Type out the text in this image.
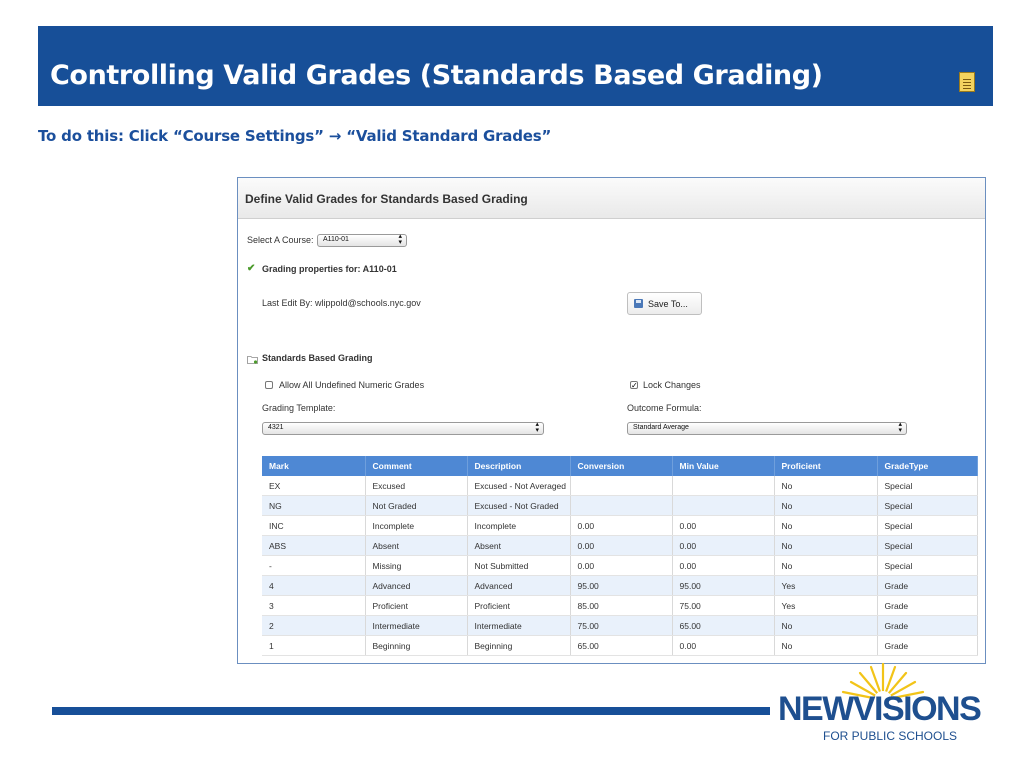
Controlling Valid Grades (Standards Based Grading)
To do this: Click “Course Settings” → “Valid Standard Grades”
Define Valid Grades for Standards Based Grading
Select A Course: A110-01	▴
▾
✔ Grading properties for: A110-01
Last Edit By: wlippold@schools.nyc.gov	Save To...
Standards Based Grading
Allow All Undefined Numeric Grades	✓ Lock Changes
Grading Template:	Outcome Formula:
4321	▴
▾	Standard Average	▴
▾
Mark	Comment	Description	Conversion	Min Value	Proficient	GradeType
EX	Excused	Excused - Not Averaged			No	Special
NG	Not Graded	Excused - Not Graded			No	Special
INC	Incomplete	Incomplete	0.00	0.00	No	Special
ABS	Absent	Absent	0.00	0.00	No	Special
-	Missing	Not Submitted	0.00	0.00	No	Special
4	Advanced	Advanced	95.00	95.00	Yes	Grade
3	Proficient	Proficient	85.00	75.00	Yes	Grade
2	Intermediate	Intermediate	75.00	65.00	No	Grade
1	Beginning	Beginning	65.00	0.00	No	Grade
NEWVISIONS
FOR PUBLIC SCHOOLS
